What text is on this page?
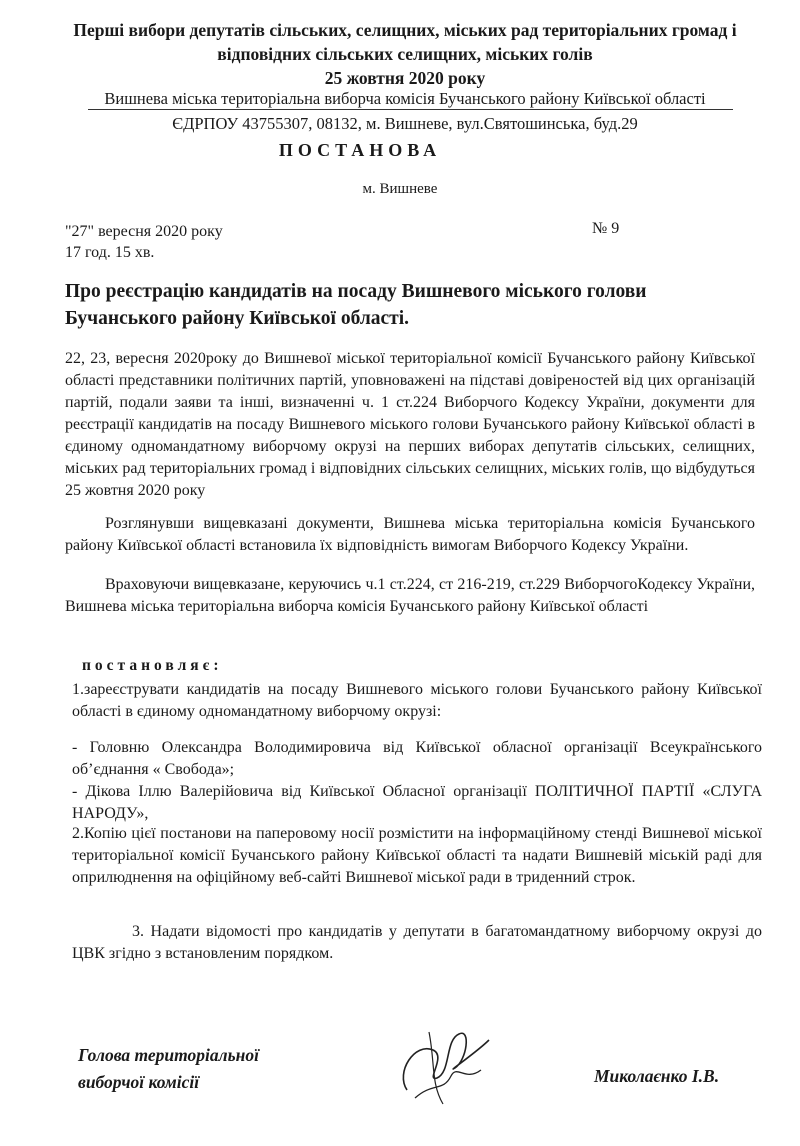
Перші вибори депутатів сільських, селищних, міських рад територіальних громад і
відповідних сільських селищних, міських голів
25 жовтня 2020 року
Вишнева міська територіальна виборча комісія Бучанського району Київської області
ЄДРПОУ 43755307, 08132, м. Вишневе, вул.Святошинська, буд.29
ПОСТАНОВА
м. Вишневе
"27" вересня 2020 року
17 год. 15 хв.
№ 9
Про реєстрацію кандидатів на посаду Вишневого міського голови Бучанського району Київської області.
22, 23, вересня 2020року до Вишневої міської територіальної комісії Бучанського району Київської області представники політичних партій, уповноважені на підставі довіреностей від цих організацій партій, подали заяви та інші, визначенні ч. 1 ст.224 Виборчого Кодексу України, документи для реєстрації кандидатів на посаду Вишневого міського голови Бучанського району Київської області в єдиному одномандатному виборчому окрузі на перших виборах депутатів сільських, селищних, міських рад територіальних громад і відповідних сільських селищних, міських голів, що відбудуться 25 жовтня 2020 року
Розглянувши вищевказані документи, Вишнева міська територіальна комісія Бучанського району Київської області встановила їх відповідність вимогам Виборчого Кодексу України.
Враховуючи вищевказане, керуючись ч.1 ст.224, ст 216-219, ст.229 ВиборчогоКодексу України, Вишнева міська територіальна виборча комісія Бучанського району Київської області
постановляє:
1.зареєструвати кандидатів на посаду Вишневого міського голови Бучанського району Київської області в єдиному одномандатному виборчому окрузі:
- Головню Олександра Володимировича від Київської обласної організації Всеукраїнського об’єднання « Свобода»;
- Дікова Іллю Валерійовича від Київської Обласної організації ПОЛІТИЧНОЇ ПАРТІЇ «СЛУГА НАРОДУ»,
2.Копію цієї постанови на паперовому носії розмістити на інформаційному стенді Вишневої міської територіальної комісії Бучанського району Київської області та надати Вишневій міській раді для оприлюднення на офіційному веб-сайті Вишневої міської ради в триденний строк.
3. Надати відомості про кандидатів у депутати в багатомандатному виборчому окрузі до ЦВК згідно з встановленим порядком.
Голова територіальної
виборчої комісії	Миколаєнко І.В.
